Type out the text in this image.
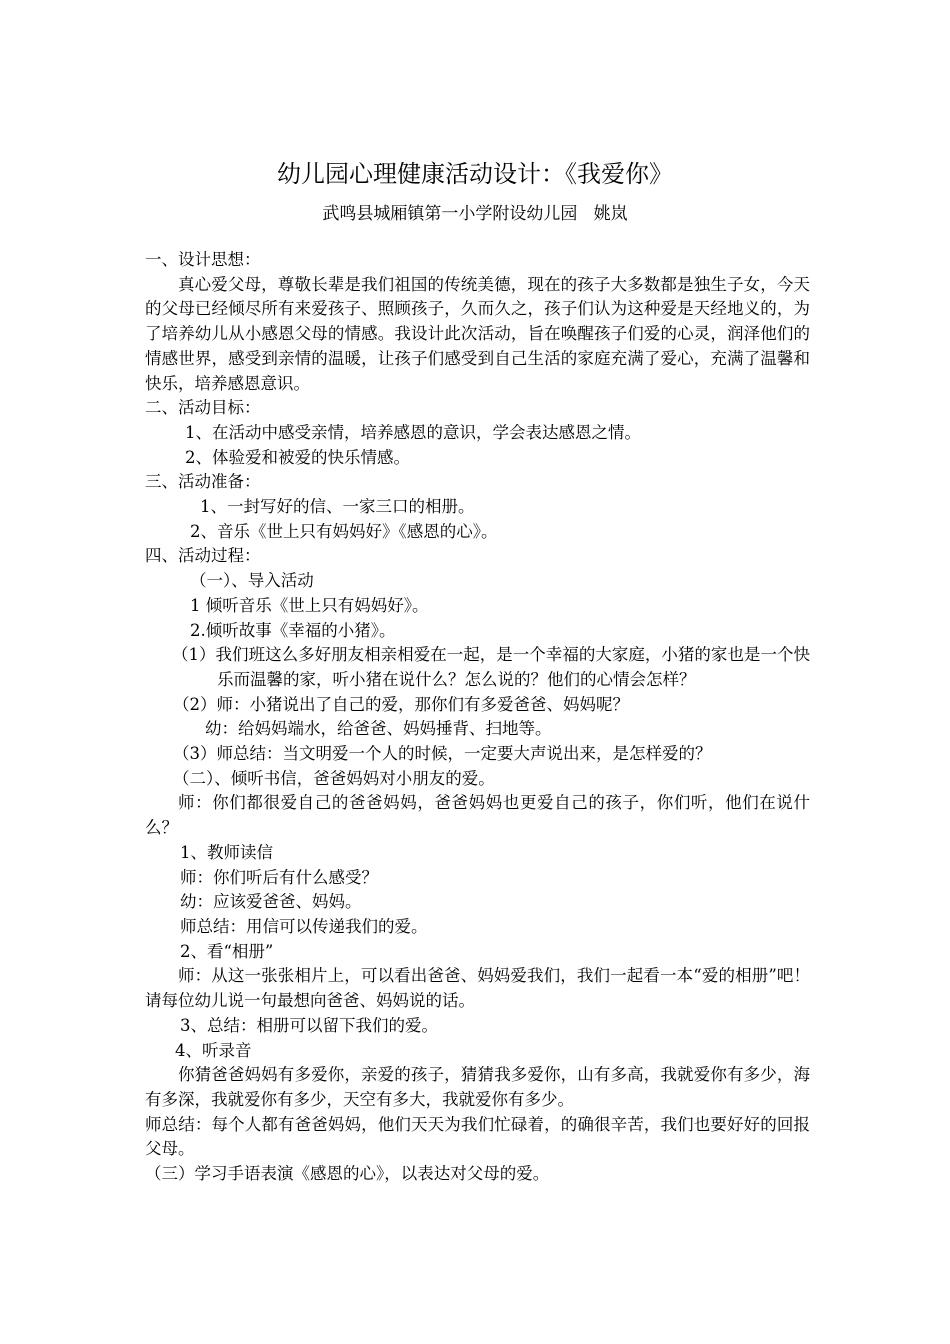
幼儿园心理健康活动设计：《我爱你》
武鸣县城厢镇第一小学附设幼儿园   姚岚

一、设计思想：

真心爱父母，尊敬长辈是我们祖国的传统美德，现在的孩子大多数都是独生子女，今天的父母已经倾尽所有来爱孩子、照顾孩子，久而久之，孩子们认为这种爱是天经地义的，为了培养幼儿从小感恩父母的情感。我设计此次活动，旨在唤醒孩子们爱的心灵，润泽他们的情感世界，感受到亲情的温暖，让孩子们感受到自己生活的家庭充满了爱心，充满了温馨和快乐，培养感恩意识。

二、活动目标：

1、在活动中感受亲情，培养感恩的意识，学会表达感恩之情。

2、体验爱和被爱的快乐情感。

三、活动准备：

1、一封写好的信、一家三口的相册。

2、音乐《世上只有妈妈好》《感恩的心》。

四、活动过程：

（一）、导入活动

1 倾听音乐《世上只有妈妈好》。

2.倾听故事《幸福的小猪》。

（1）我们班这么多好朋友相亲相爱在一起，是一个幸福的大家庭，小猪的家也是一个快乐而温馨的家，听小猪在说什么？怎么说的？他们的心情会怎样？

（2）师：小猪说出了自己的爱，那你们有多爱爸爸、妈妈呢？

幼：给妈妈端水，给爸爸、妈妈捶背、扫地等。

（3）师总结：当文明爱一个人的时候，一定要大声说出来，是怎样爱的？

（二）、倾听书信，爸爸妈妈对小朋友的爱。

师：你们都很爱自己的爸爸妈妈，爸爸妈妈也更爱自己的孩子，你们听，他们在说什么？

1、教师读信

师：你们听后有什么感受？

幼：应该爱爸爸、妈妈。

师总结：用信可以传递我们的爱。

2、看“相册”

师：从这一张张相片上，可以看出爸爸、妈妈爱我们，我们一起看一本“爱的相册”吧！请每位幼儿说一句最想向爸爸、妈妈说的话。

3、总结：相册可以留下我们的爱。

4、听录音

你猜爸爸妈妈有多爱你，亲爱的孩子，猜猜我多爱你，山有多高，我就爱你有多少，海有多深，我就爱你有多少，天空有多大，我就爱你有多少。

师总结：每个人都有爸爸妈妈，他们天天为我们忙碌着，的确很辛苦，我们也要好好的回报父母。

（三）学习手语表演《感恩的心》，以表达对父母的爱。
